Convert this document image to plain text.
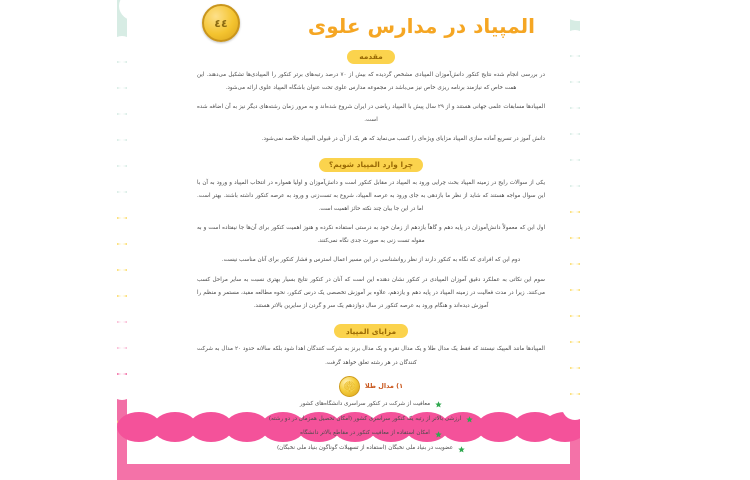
٤٤	المپیاد در مدارس علوی
مقدمه

در بررسی انجام شده نتایج کنکور دانش‌آموزان المپیادی مشخص گردیده که بیش از ۷۰ درصد رتبه‌های برتر کنکور را المپیادی‌ها تشکیل می‌دهند. این همت خاص که نیازمند برنامه ریزی خاص نیز می‌باشد در مجموعه مدارس علوی تحت عنوان باشگاه المپیاد علوی ارائه می‌شود.

المپیادها مسابقات علمی جهانی هستند و از ۲۹ سال پیش با المپیاد ریاضی در ایران شروع شده‌اند و به مرور زمان رشته‌های دیگر نیز به آن اضافه شده است.

دانش آموز در تسریع آماده سازی المپیاد مزایای ویژه‌ای را کسب می‌نماید که هر یک از آن در قبولی المپیاد خلاصه نمی‌شود.

چرا وارد المپیاد شویم؟

یکی از سوالات رایج در زمینه المپیاد بحث چرایی ورود به المپیاد در مقابل کنکور است و دانش‌آموزان و اولیا همواره در انتخاب المپیاد و ورود به آن با این سوال مواجه هستند که شاید از نظر ما بازدهی به جای ورود به عرصه المپیاد، شروع به تست‌زنی و ورود به عرصه کنکور داشته باشند. بهتر است. اما در این جا بیان چند نکته حائز اهمیت است.

اول این که معمولاً دانش‌آموزان در پایه دهم و گاهاً یازدهم از زمان خود به درستی استفاده نکرده و هنوز اهمیت کنکور برای آن‌ها جا نیفتاده است و به مقوله تست زنی به صورت جدی نگاه نمی‌کنند.

دوم این که افرادی که نگاه به کنکور دارند از نظر روانشناسی در این مسیر اعمال استرس و فشار کنکور برای آنان مناسب نیست.

سوم این نکاتی به عملکرد دقیق آموزان المپیادی در کنکور نشان دهنده این است که آنان در کنکور نتایج بسیار بهتری نسبت به سایر مراحل کسب می‌کنند. زیرا در مدت فعالیت در زمینه المپیاد در پایه دهم و یازدهم، علاوه بر آموزش تخصصی یک درس کنکور، نحوه مطالعه مفید، مستمر و منظم را آموزش دیده‌اند و هنگام ورود به عرصه کنکور در سال دوازدهم یک سر و گردن از سایرین بالاتر هستند.

مزایای المپیاد

المپیادها مانند المپیک نیستند که فقط یک مدال طلا و یک مدال نقره و یک مدال برنز به شرکت کنندگان اهدا شود بلکه سالانه حدود ۲۰ مدال به شرکت کنندگان در هر رشته تعلق خواهد گرفت.

۱) مدال طلا
معافیت از شرکت در کنکور سراسری دانشگاه‌های کشور
ارزشی بالاتر از رتبه یک کنکور سراسری کشور (امکان تحصیل همزمان در دو رشته)
امکان استفاده از معافیت کنکور در مقاطع بالاتر دانشگاه
عضویت در بنیاد ملی نخبگان (استفاده از تسهیلات گوناگون بنیاد ملی نخبگان)
